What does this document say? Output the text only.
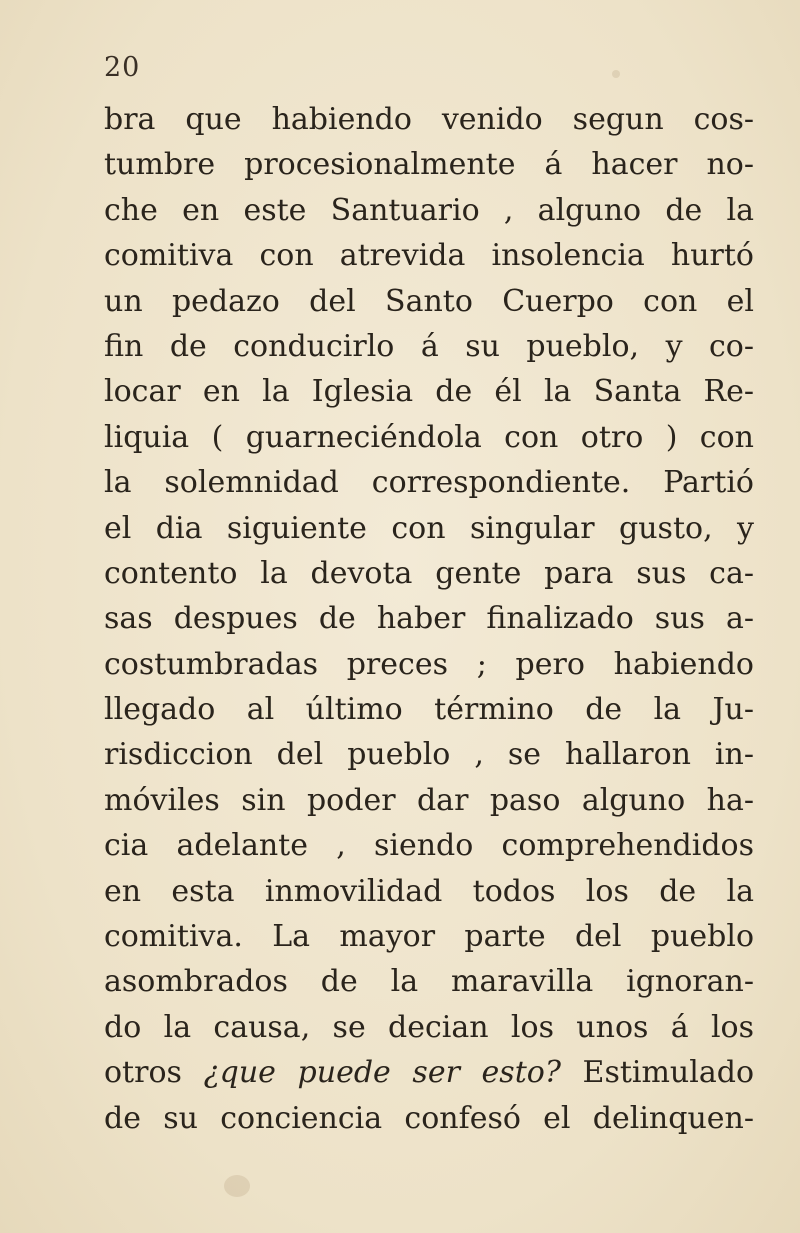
20
bra que habiendo venido segun cos-
tumbre procesionalmente á hacer no-
che en este Santuario , alguno de la
comitiva con atrevida insolencia hurtó
un pedazo del Santo Cuerpo con el
fin de conducirlo á su pueblo, y co-
locar en la Iglesia de él la Santa Re-
liquia ( guarneciéndola con otro ) con
la solemnidad correspondiente. Partió
el dia siguiente con singular gusto, y
contento la devota gente para sus ca-
sas despues de haber finalizado sus a-
costumbradas preces ; pero habiendo
llegado al último término de la Ju-
risdiccion del pueblo , se hallaron in-
móviles sin poder dar paso alguno ha-
cia adelante , siendo comprehendidos
en esta inmovilidad todos los de la
comitiva. La mayor parte del pueblo
asombrados de la maravilla ignoran-
do la causa, se decian los unos á los
otros ¿que puede ser esto? Estimulado
de su conciencia confesó el delinquen-
